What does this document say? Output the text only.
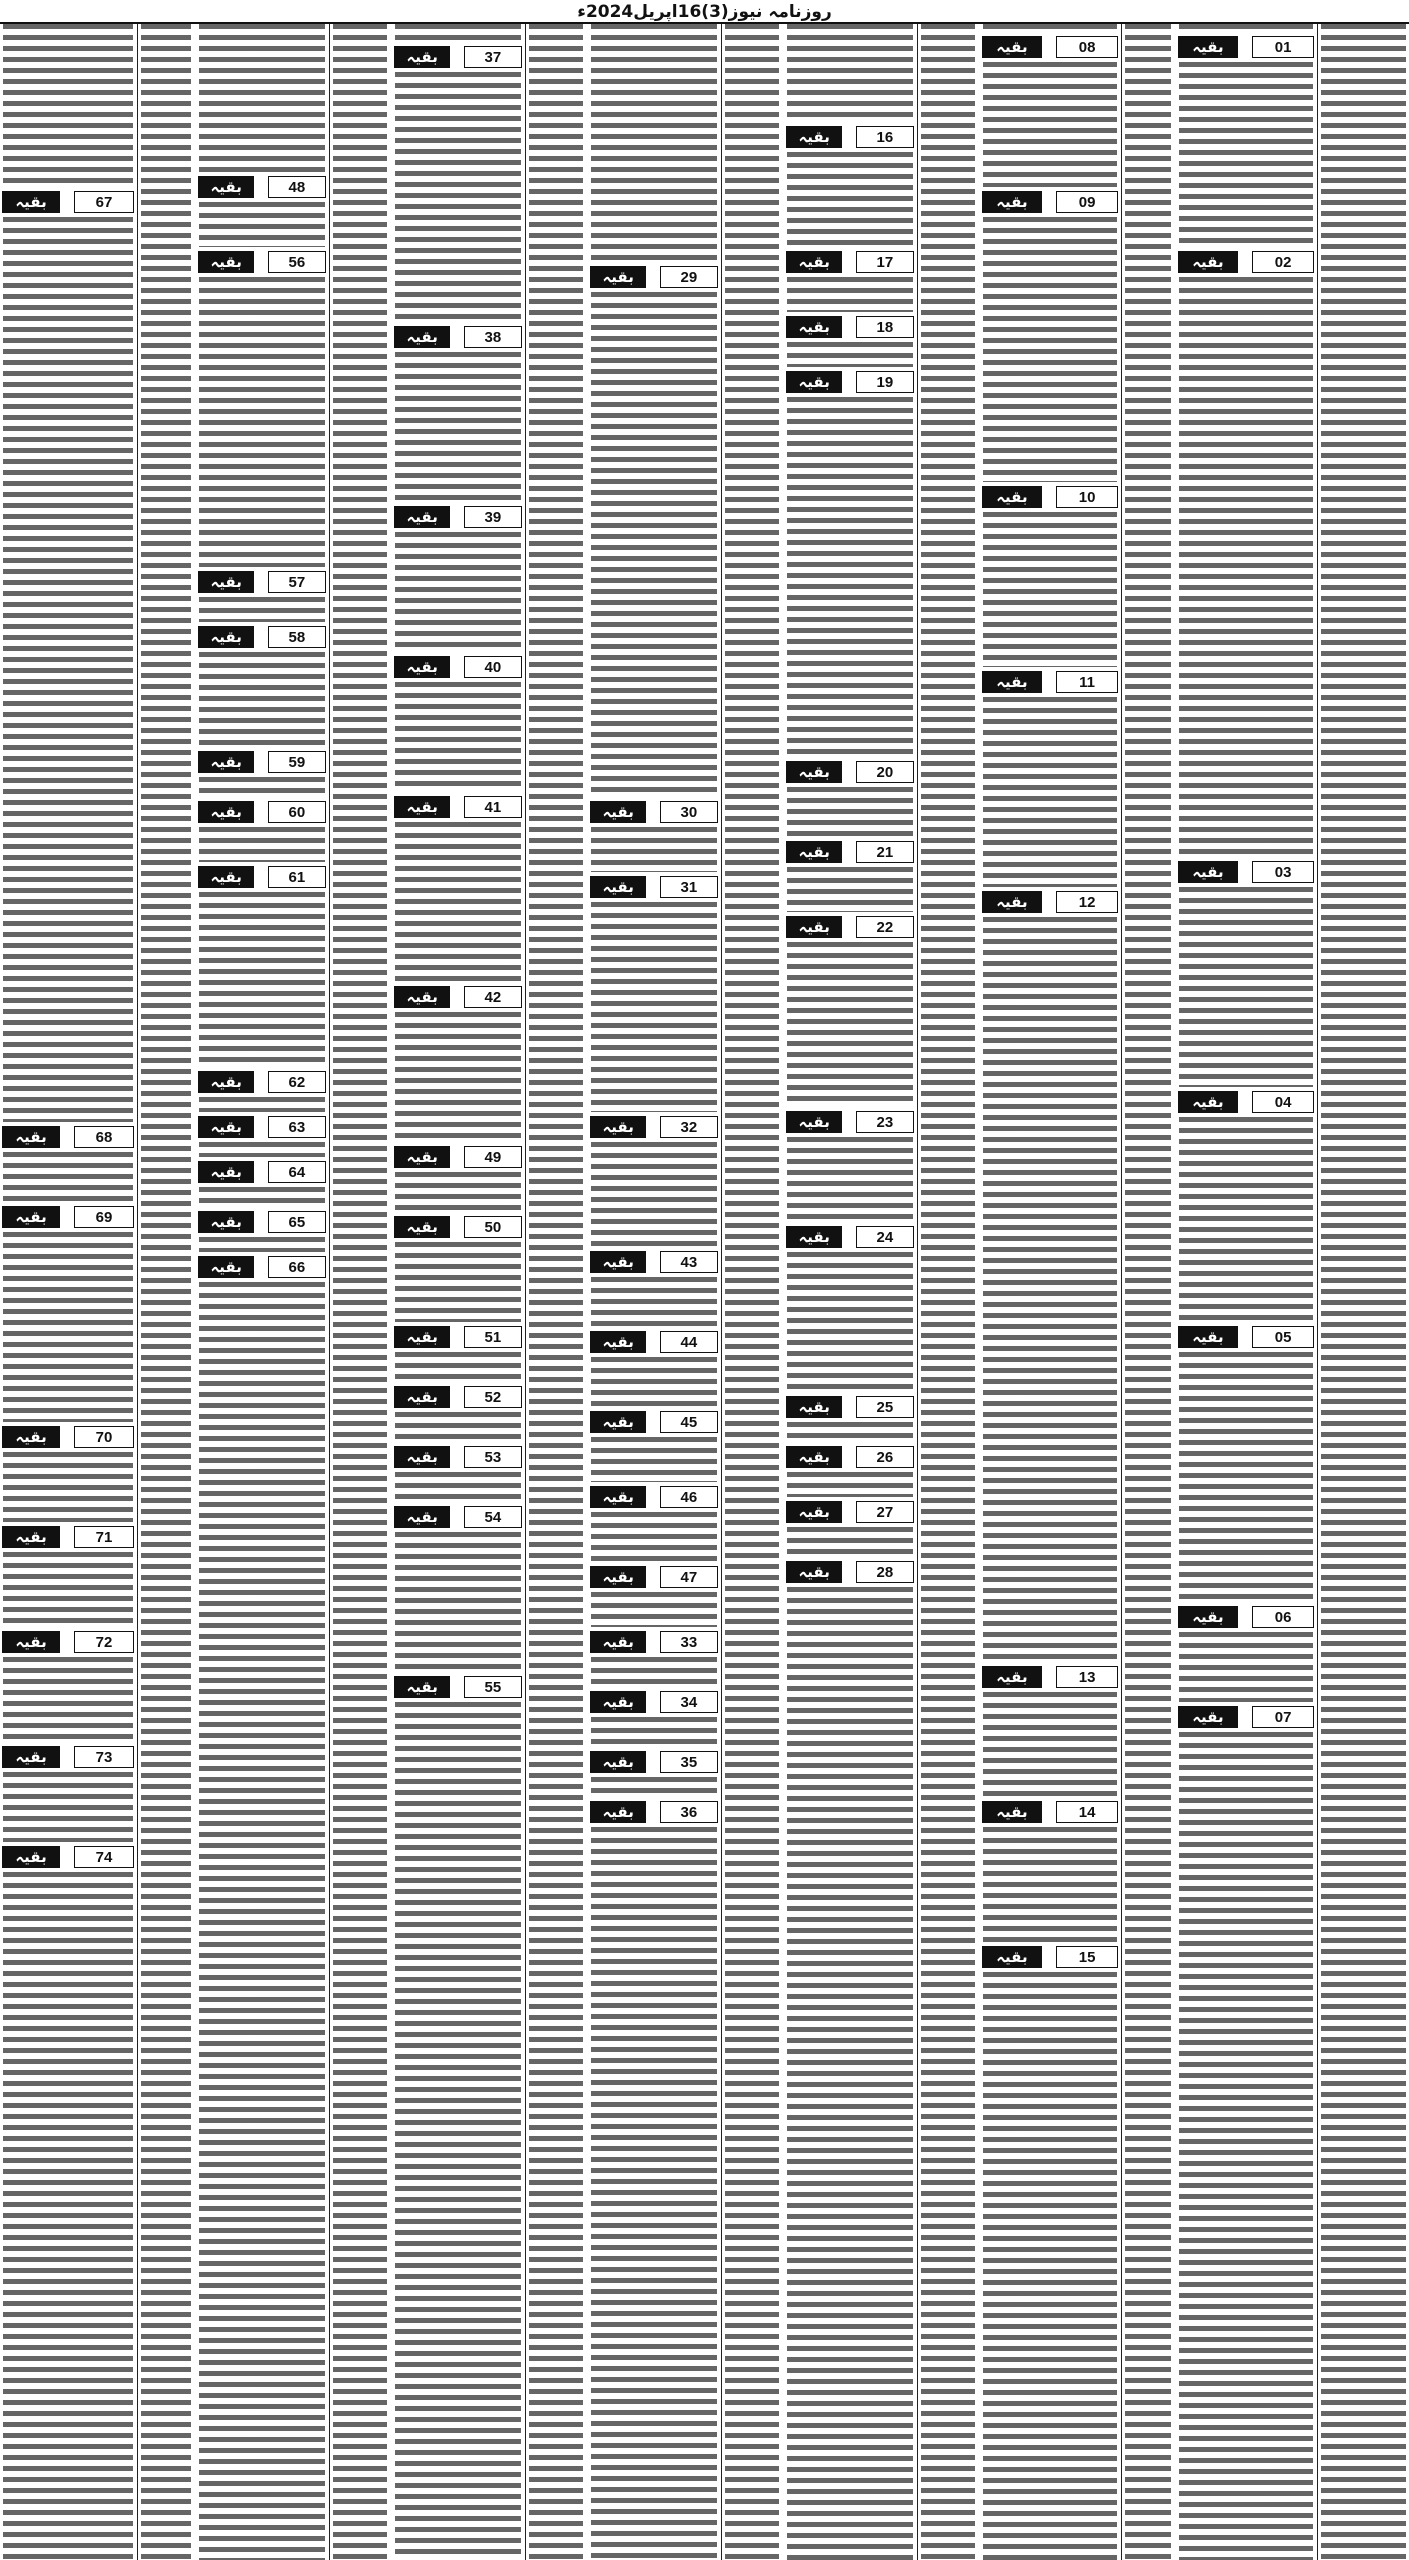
روزنامہ نیوز(3)16اپریل2024ء
بقیہ	67
بقیہ	68
بقیہ	69
بقیہ	70
بقیہ	71
بقیہ	72
بقیہ	73
بقیہ	74
بقیہ	48
بقیہ	56
بقیہ	57
بقیہ	58
بقیہ	59
بقیہ	60
بقیہ	61
بقیہ	62
بقیہ	63
بقیہ	64
بقیہ	65
بقیہ	66
بقیہ	37
بقیہ	38
بقیہ	39
بقیہ	40
بقیہ	41
بقیہ	42
بقیہ	49
بقیہ	50
بقیہ	51
بقیہ	52
بقیہ	53
بقیہ	54
بقیہ	55
بقیہ	29
بقیہ	30
بقیہ	31
بقیہ	32
بقیہ	43
بقیہ	44
بقیہ	45
بقیہ	46
بقیہ	47
بقیہ	33
بقیہ	34
بقیہ	35
بقیہ	36
بقیہ	16
بقیہ	17
بقیہ	18
بقیہ	19
بقیہ	20
بقیہ	21
بقیہ	22
بقیہ	23
بقیہ	24
بقیہ	25
بقیہ	26
بقیہ	27
بقیہ	28
بقیہ	08
بقیہ	09
بقیہ	10
بقیہ	11
بقیہ	12
بقیہ	13
بقیہ	14
بقیہ	15
بقیہ	01
بقیہ	02
بقیہ	03
بقیہ	04
بقیہ	05
بقیہ	06
بقیہ	07
